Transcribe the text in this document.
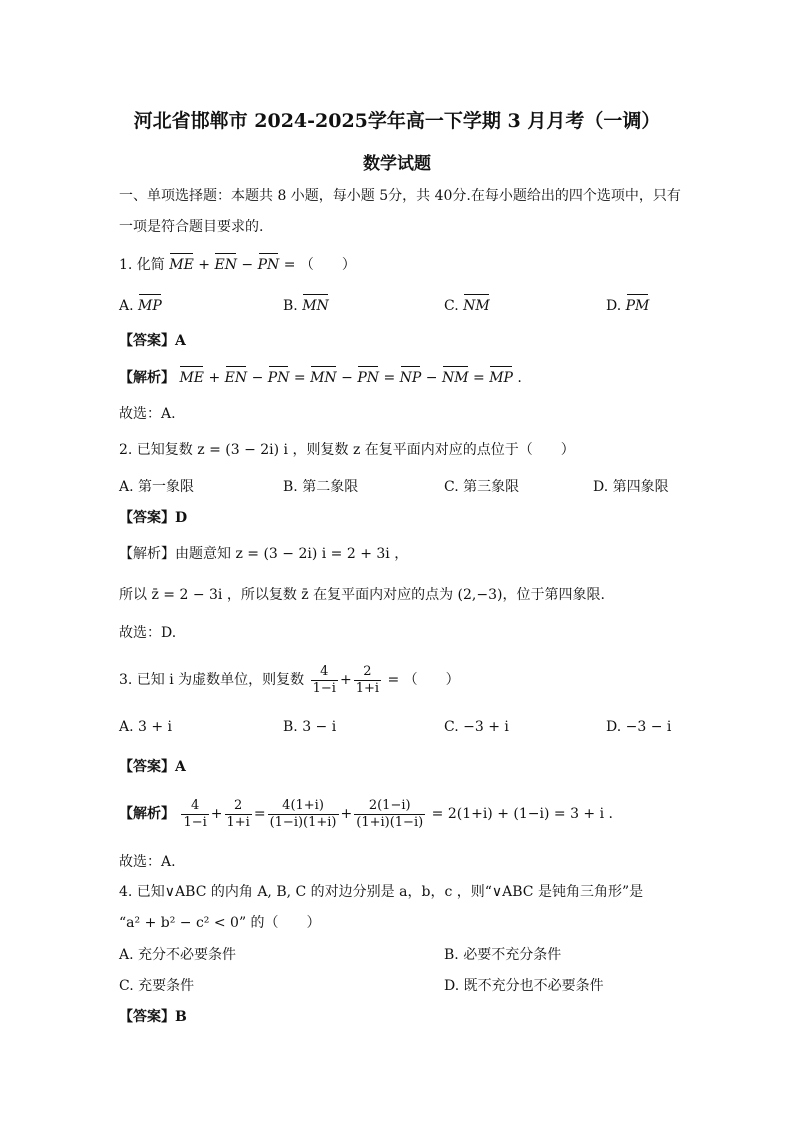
河北省邯郸市 2024-2025学年高一下学期 3 月月考（一调）
数学试题
一、单项选择题：本题共 8 小题，每小题 5分，共 40分.在每小题给出的四个选项中，只有
一项是符合题目要求的.
1. 化简 ME + EN − PN = （　　）
A. MP	B. MN	C. NM	D. PM
【答案】A
【解析】 ME + EN − PN = MN − PN = NP − NM = MP .
故选：A.
2. 已知复数 z = (3 − 2i) i ，则复数 z 在复平面内对应的点位于（　　）
A. 第一象限	B. 第二象限	C. 第三象限	D. 第四象限
【答案】D
【解析】由题意知 z = (3 − 2i) i = 2 + 3i ，
所以 z̄ = 2 − 3i ，所以复数 z̄ 在复平面内对应的点为 (2,−3)，位于第四象限.
故选：D.
3. 已知 i 为虚数单位，则复数 $\frac{4}{1-i} + \frac{2}{1+i}$ = （　　）
A. 3 + i	B. 3 − i	C. −3 + i	D. −3 − i
【答案】A
【解析】 $\frac{4}{1-i} + \frac{2}{1+i} = \frac{4(1+i)}{(1-i)(1+i)} + \frac{2(1-i)}{(1+i)(1-i)} = 2(1+i) + (1-i) = 3 + i$ .
故选：A.
4. 已知∨ABC 的内角 A, B, C 的对边分别是 a，b，c ，则“∨ABC 是钝角三角形”是
“a² + b² − c² < 0” 的（　　）
A. 充分不必要条件	B. 必要不充分条件
C. 充要条件	D. 既不充分也不必要条件
【答案】B
